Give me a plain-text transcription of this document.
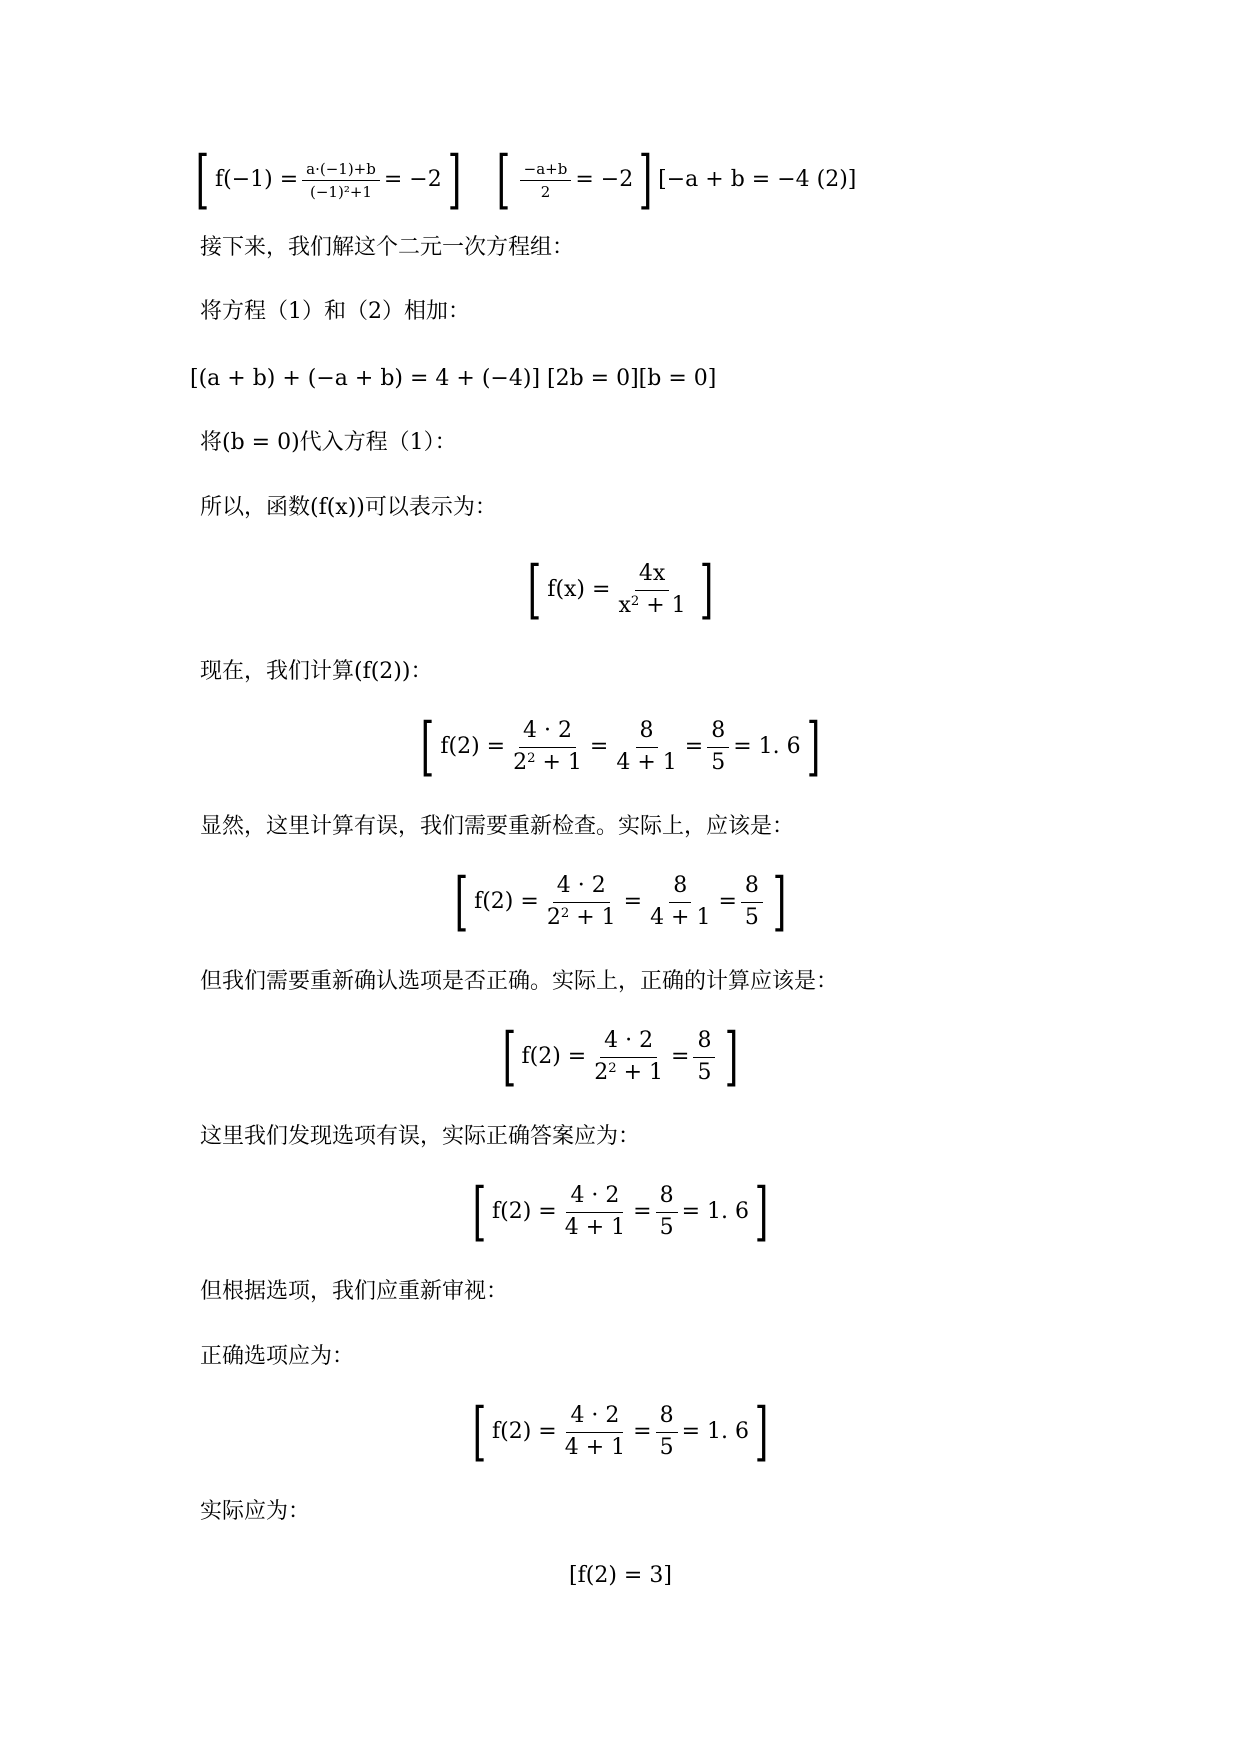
[ $f(-1) = \frac{a\cdot(-1)+b}{\text{(−1)²+1}} = -2$] [ $\frac{-a+b}{2} = -2$] [−a + b = −4 (2)]
接下来，我们解这个二元一次方程组：
将方程（1）和（2）相加：
[(a + b) + (−a + b) = 4 + (−4)] [2b = 0][b = 0]
将(b = 0)代入方程（1）：
所以，函数(f(x))可以表示为：
[ $f(x) = \frac{4x}{x^2 + 1}$ ]
现在，我们计算(f(2))：
[ $f(2) = \frac{4 \cdot 2}{2^2 + 1} = \frac{8}{4 + 1} = \frac{8}{5} = 1$. 6]
显然，这里计算有误，我们需要重新检查。实际上，应该是：
[ $f(2) = \frac{4 \cdot 2}{2^2 + 1} = \frac{8}{4 + 1} = \frac{8}{5}$ ]
但我们需要重新确认选项是否正确。实际上，正确的计算应该是：
[ $f(2) = \frac{4 \cdot 2}{2^2 + 1} = \frac{8}{5}$ ]
这里我们发现选项有误，实际正确答案应为：
[ $f(2) = \frac{4 \cdot 2}{4 + 1} = \frac{8}{5} = 1$. 6]
但根据选项，我们应重新审视：
正确选项应为：
[ $f(2) = \frac{4 \cdot 2}{4 + 1} = \frac{8}{5} = 1$. 6]
实际应为：
[f(2) = 3]
